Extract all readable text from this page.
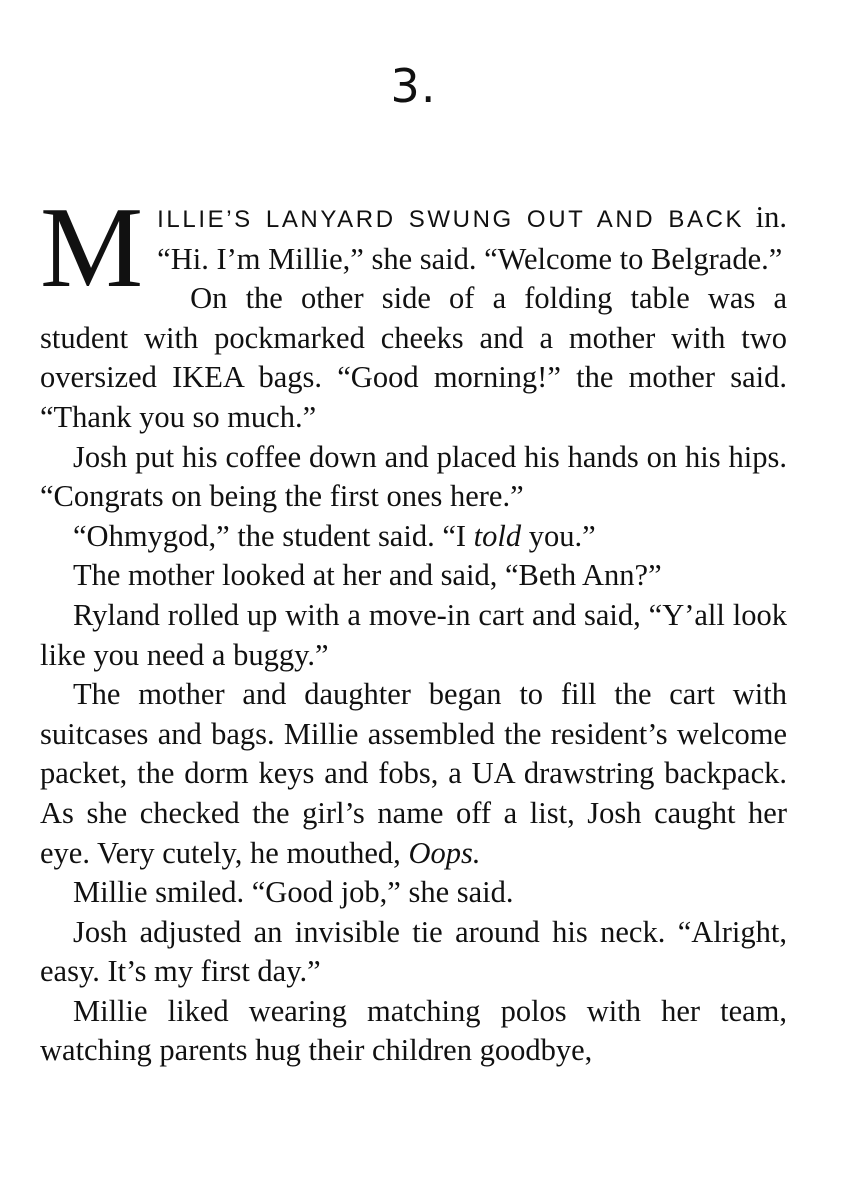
3.

MILLIE’S LANYARD SWUNG OUT AND BACK in. “Hi. I’m Millie,” she said. “Welcome to Belgrade.”

On the other side of a folding table was a student with pockmarked cheeks and a mother with two oversized IKEA bags. “Good morning!” the mother said. “Thank you so much.”

Josh put his coffee down and placed his hands on his hips. “Congrats on being the first ones here.”

“Ohmygod,” the student said. “I told you.”

The mother looked at her and said, “Beth Ann?”

Ryland rolled up with a move-in cart and said, “Y’all look like you need a buggy.”

The mother and daughter began to fill the cart with suitcases and bags. Millie assembled the resident’s welcome packet, the dorm keys and fobs, a UA drawstring backpack. As she checked the girl’s name off a list, Josh caught her eye. Very cutely, he mouthed, Oops.

Millie smiled. “Good job,” she said.

Josh adjusted an invisible tie around his neck. “Alright, easy. It’s my first day.”

Millie liked wearing matching polos with her team, watching parents hug their children goodbye,
